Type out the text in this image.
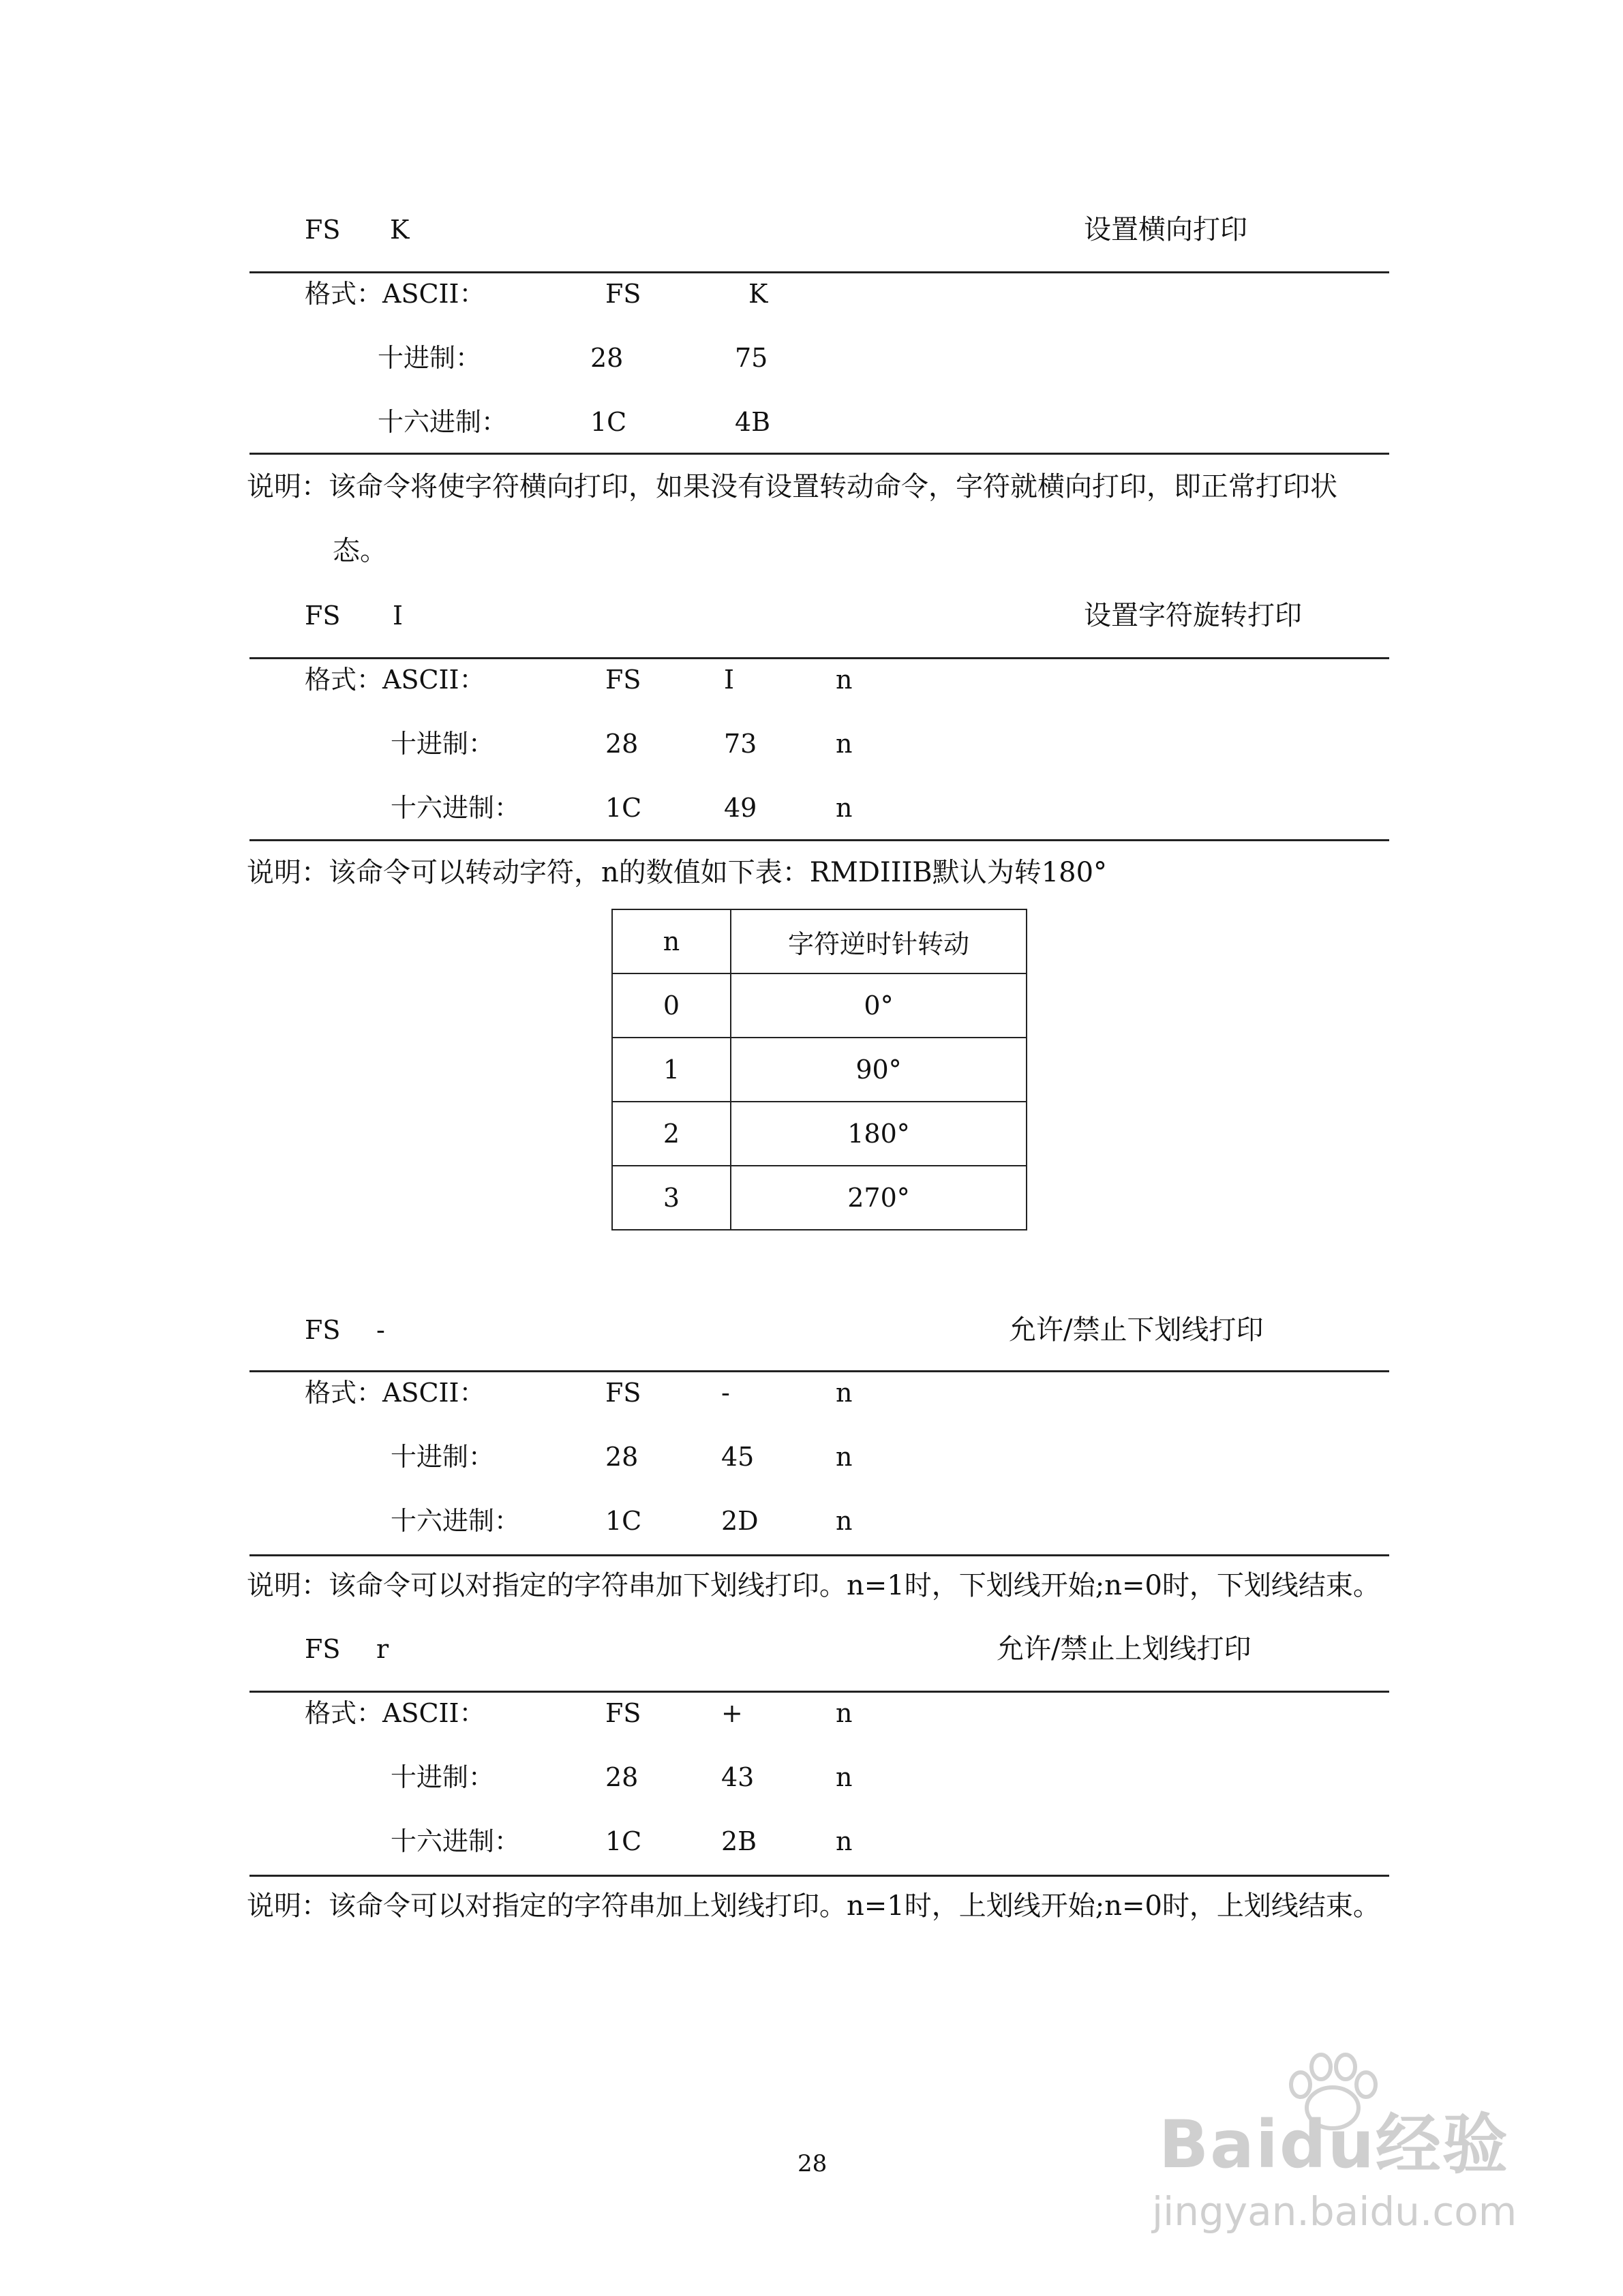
FS K	设置横向打印
格式：ASCII：	FS	K
十进制：	28	75
十六进制：	1C	4B
说明：该命令将使字符横向打印，如果没有设置转动命令，字符就横向打印，即正常打印状
态。
FS I	设置字符旋转打印
格式：ASCII：	FS	I	n
十进制：	28	73	n
十六进制：	1C	49	n
说明：该命令可以转动字符，n的数值如下表：RMDIIIB默认为转180°
n	字符逆时针转动
0	0°
1	90°
2	180°
3	270°
FS -	允许/禁止下划线打印
格式：ASCII：	FS	-	n
十进制：	28	45	n
十六进制：	1C	2D	n
说明：该命令可以对指定的字符串加下划线打印。n=1时，下划线开始;n=0时，下划线结束。
FS r	允许/禁止上划线打印
格式：ASCII：	FS	+	n
十进制：	28	43	n
十六进制：	1C	2B	n
说明：该命令可以对指定的字符串加上划线打印。n=1时，上划线开始;n=0时，上划线结束。
28	Baidu经验
jingyan.baidu.com
